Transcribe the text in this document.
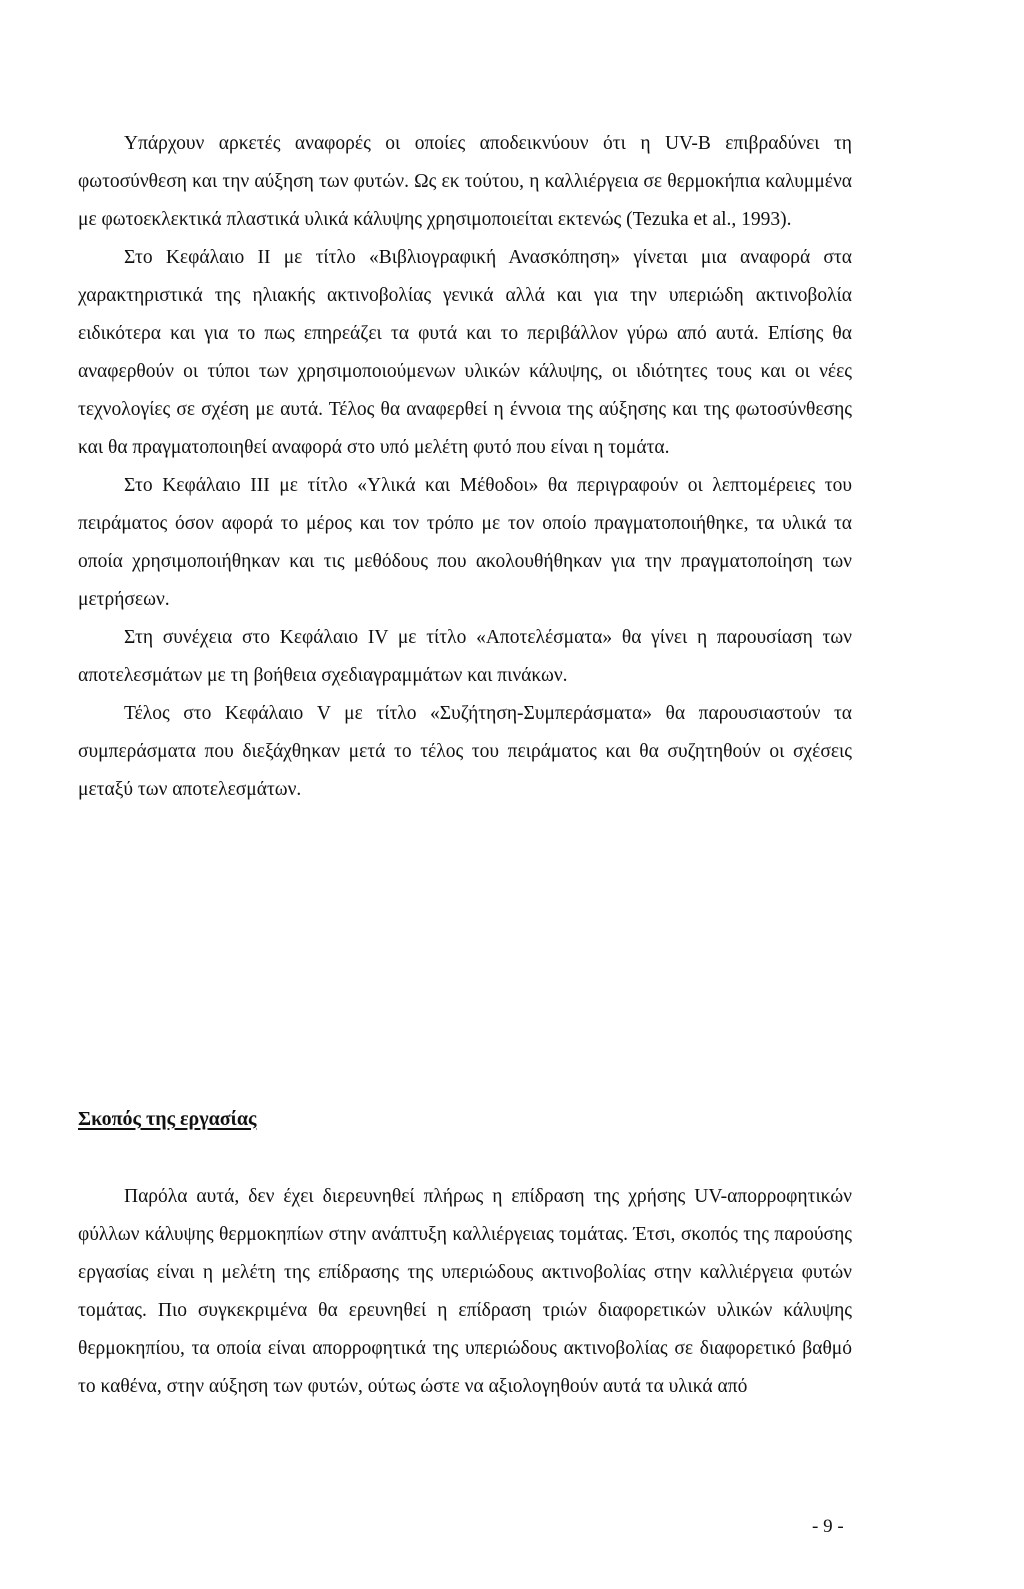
Υπάρχουν αρκετές αναφορές οι οποίες αποδεικνύουν ότι η UV-B επιβραδύνει τη φωτοσύνθεση και την αύξηση των φυτών. Ως εκ τούτου, η καλλιέργεια σε θερμοκήπια καλυμμένα με φωτοεκλεκτικά πλαστικά υλικά κάλυψης χρησιμοποιείται εκτενώς (Tezuka et al., 1993).

Στο Κεφάλαιο ΙΙ με τίτλο «Βιβλιογραφική Ανασκόπηση» γίνεται μια αναφορά στα χαρακτηριστικά της ηλιακής ακτινοβολίας γενικά αλλά και για την υπεριώδη ακτινοβολία ειδικότερα και για το πως επηρεάζει τα φυτά και το περιβάλλον γύρω από αυτά. Επίσης θα αναφερθούν οι τύποι των χρησιμοποιούμενων υλικών κάλυψης, οι ιδιότητες τους και οι νέες τεχνολογίες σε σχέση με αυτά. Τέλος θα αναφερθεί η έννοια της αύξησης και της φωτοσύνθεσης και θα πραγματοποιηθεί αναφορά στο υπό μελέτη φυτό που είναι η τομάτα.

Στο Κεφάλαιο ΙΙΙ με τίτλο «Υλικά και Μέθοδοι» θα περιγραφούν οι λεπτομέρειες του πειράματος όσον αφορά το μέρος και τον τρόπο με τον οποίο πραγματοποιήθηκε, τα υλικά τα οποία χρησιμοποιήθηκαν και τις μεθόδους που ακολουθήθηκαν για την πραγματοποίηση των μετρήσεων.

Στη συνέχεια στο Κεφάλαιο IV με τίτλο «Αποτελέσματα» θα γίνει η παρουσίαση των αποτελεσμάτων με τη βοήθεια σχεδιαγραμμάτων και πινάκων.

Τέλος στο Κεφάλαιο V με τίτλο «Συζήτηση-Συμπεράσματα» θα παρουσιαστούν τα συμπεράσματα που διεξάχθηκαν μετά το τέλος του πειράματος και θα συζητηθούν οι σχέσεις μεταξύ των αποτελεσμάτων.

Σκοπός της εργασίας

Παρόλα αυτά, δεν έχει διερευνηθεί πλήρως η επίδραση της χρήσης UV-απορροφητικών φύλλων κάλυψης θερμοκηπίων στην ανάπτυξη καλλιέργειας τομάτας. Έτσι, σκοπός της παρούσης εργασίας είναι η μελέτη της επίδρασης της υπεριώδους ακτινοβολίας στην καλλιέργεια φυτών τομάτας. Πιο συγκεκριμένα θα ερευνηθεί η επίδραση τριών διαφορετικών υλικών κάλυψης θερμοκηπίου, τα οποία είναι απορροφητικά της υπεριώδους ακτινοβολίας σε διαφορετικό βαθμό το καθένα, στην αύξηση των φυτών, ούτως ώστε να αξιολογηθούν αυτά τα υλικά από

- 9 -
